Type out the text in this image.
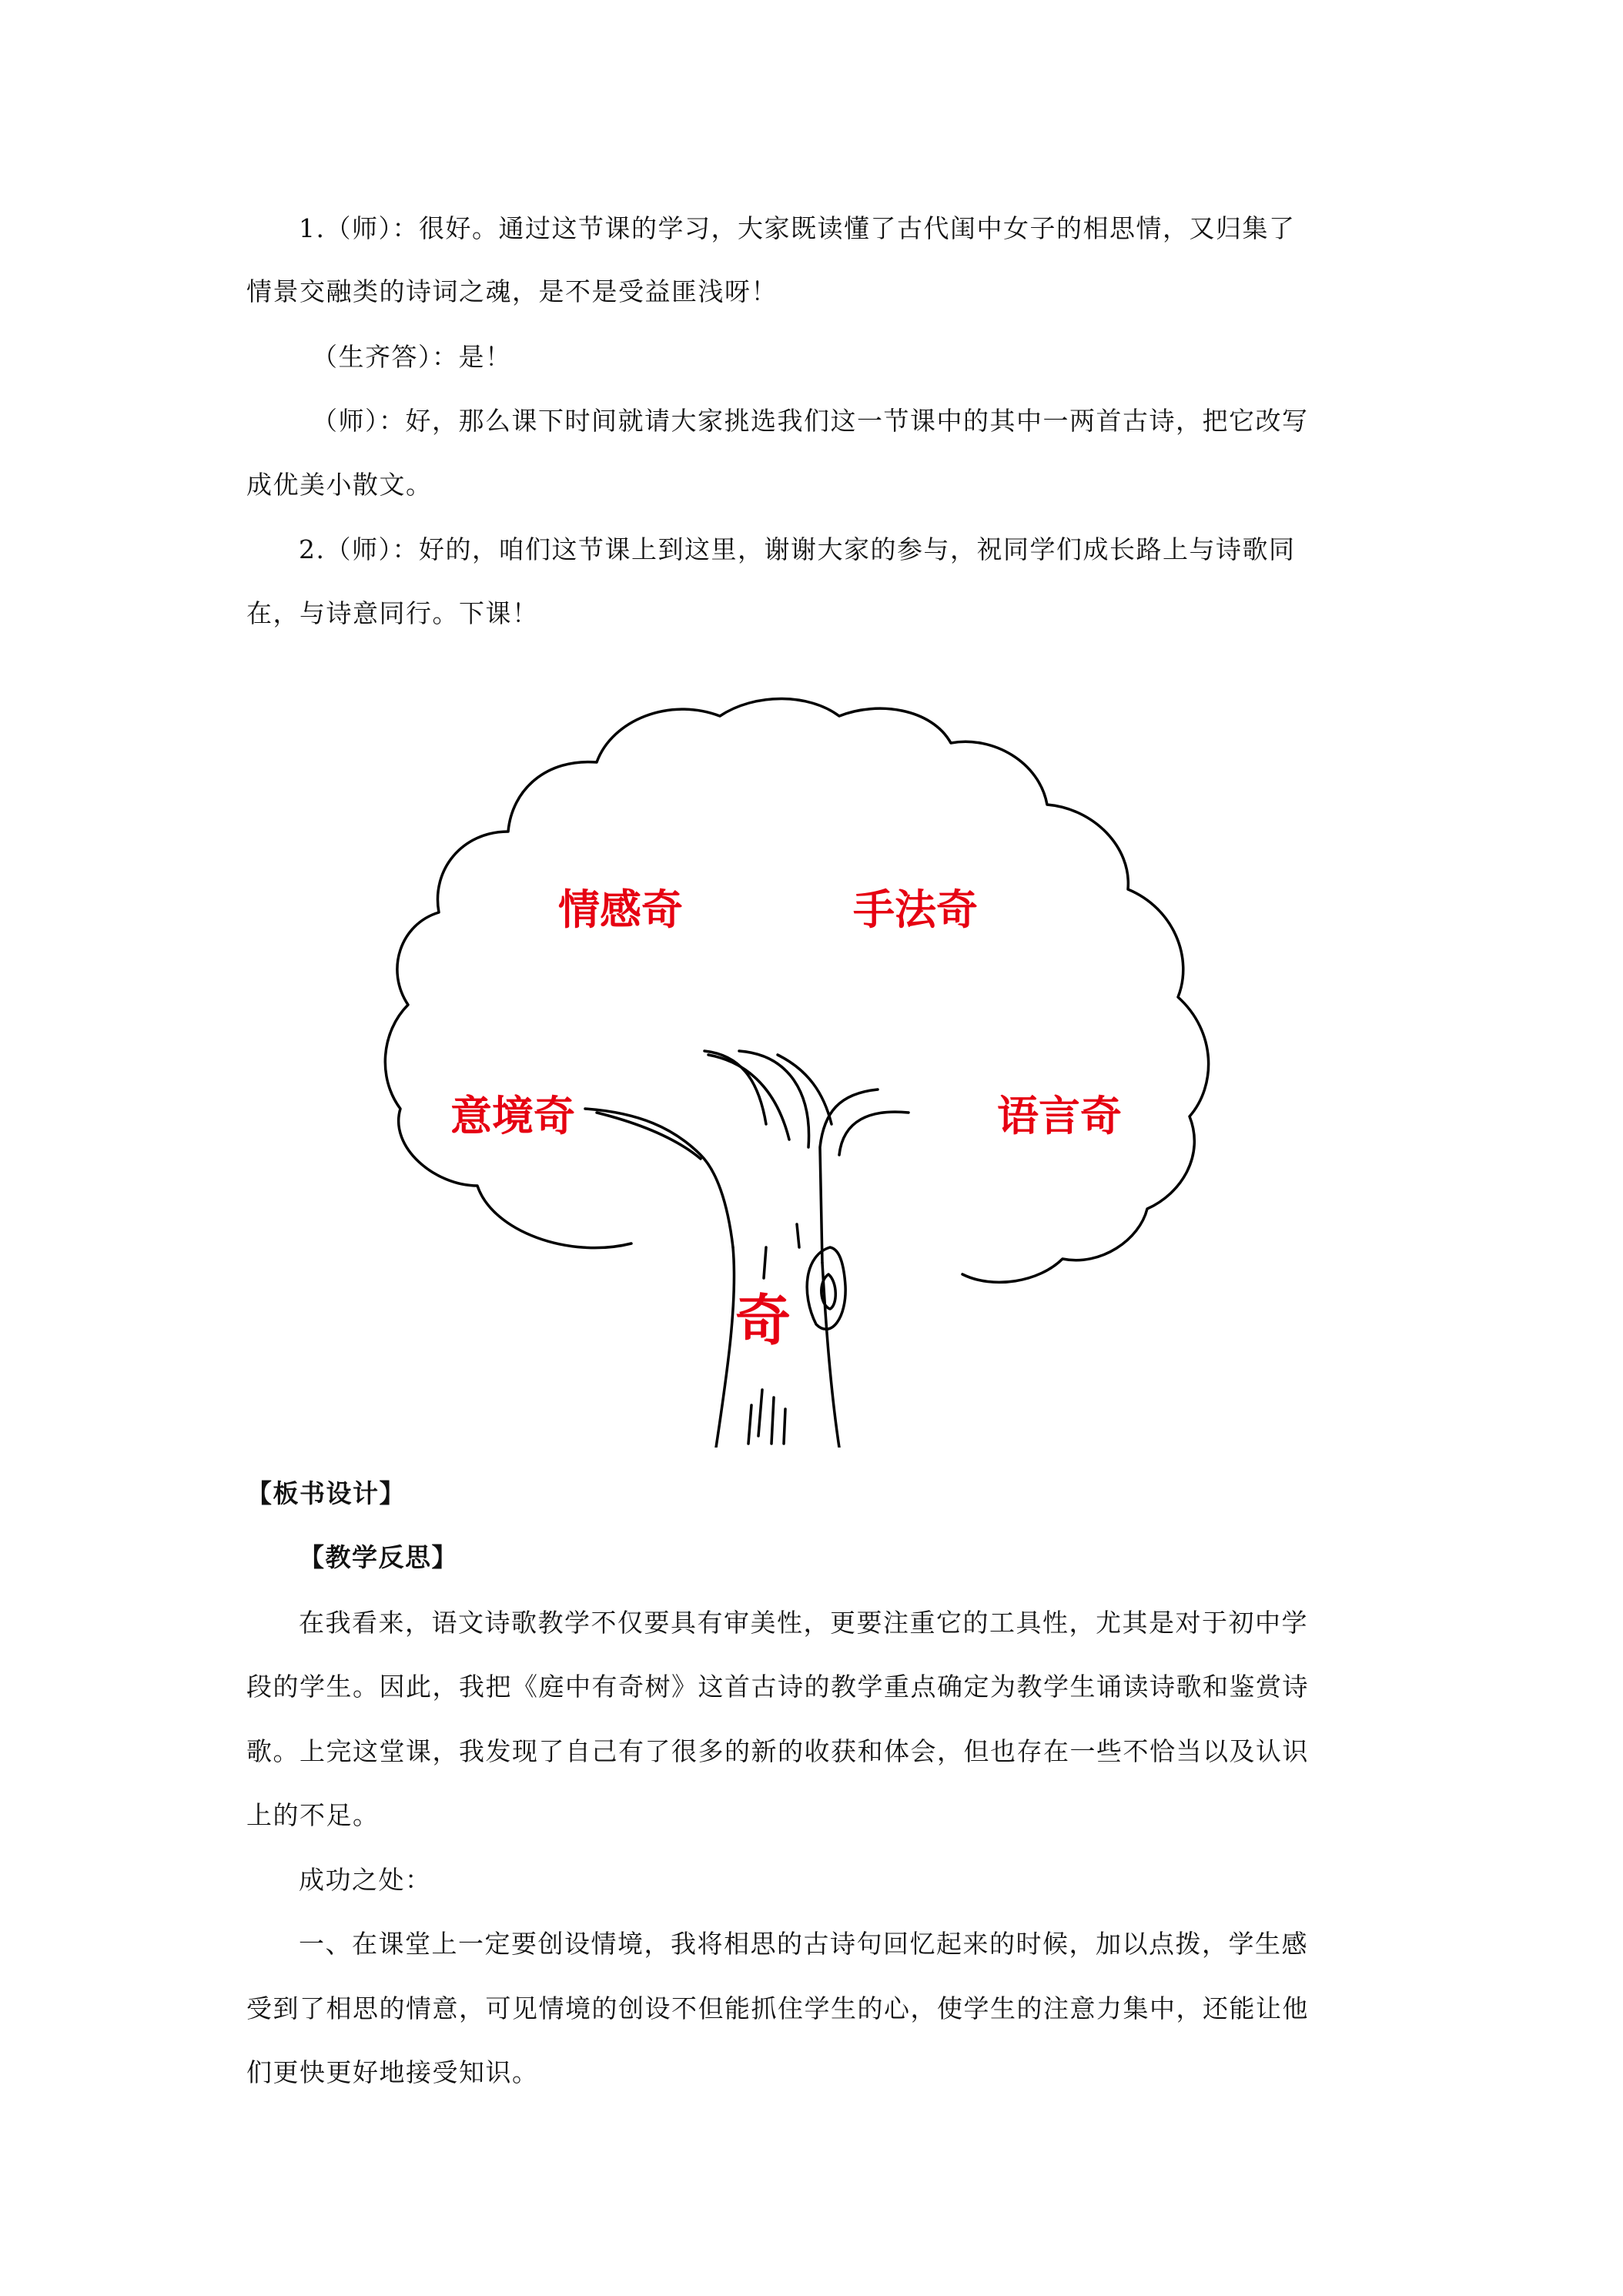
1.（师）：很好。通过这节课的学习，大家既读懂了古代闺中女子的相思情，又归集了
情景交融类的诗词之魂，是不是受益匪浅呀！
（生齐答）：是！
（师）：好，那么课下时间就请大家挑选我们这一节课中的其中一两首古诗，把它改写
成优美小散文。
2.（师）：好的，咱们这节课上到这里，谢谢大家的参与，祝同学们成长路上与诗歌同
在，与诗意同行。下课！
情感奇	手法奇
意境奇	语言奇
奇
【板书设计】
【教学反思】
在我看来，语文诗歌教学不仅要具有审美性，更要注重它的工具性，尤其是对于初中学
段的学生。因此，我把《庭中有奇树》这首古诗的教学重点确定为教学生诵读诗歌和鉴赏诗
歌。上完这堂课，我发现了自己有了很多的新的收获和体会，但也存在一些不恰当以及认识
上的不足。
成功之处：
一、在课堂上一定要创设情境，我将相思的古诗句回忆起来的时候，加以点拨，学生感
受到了相思的情意，可见情境的创设不但能抓住学生的心，使学生的注意力集中，还能让他
们更快更好地接受知识。
